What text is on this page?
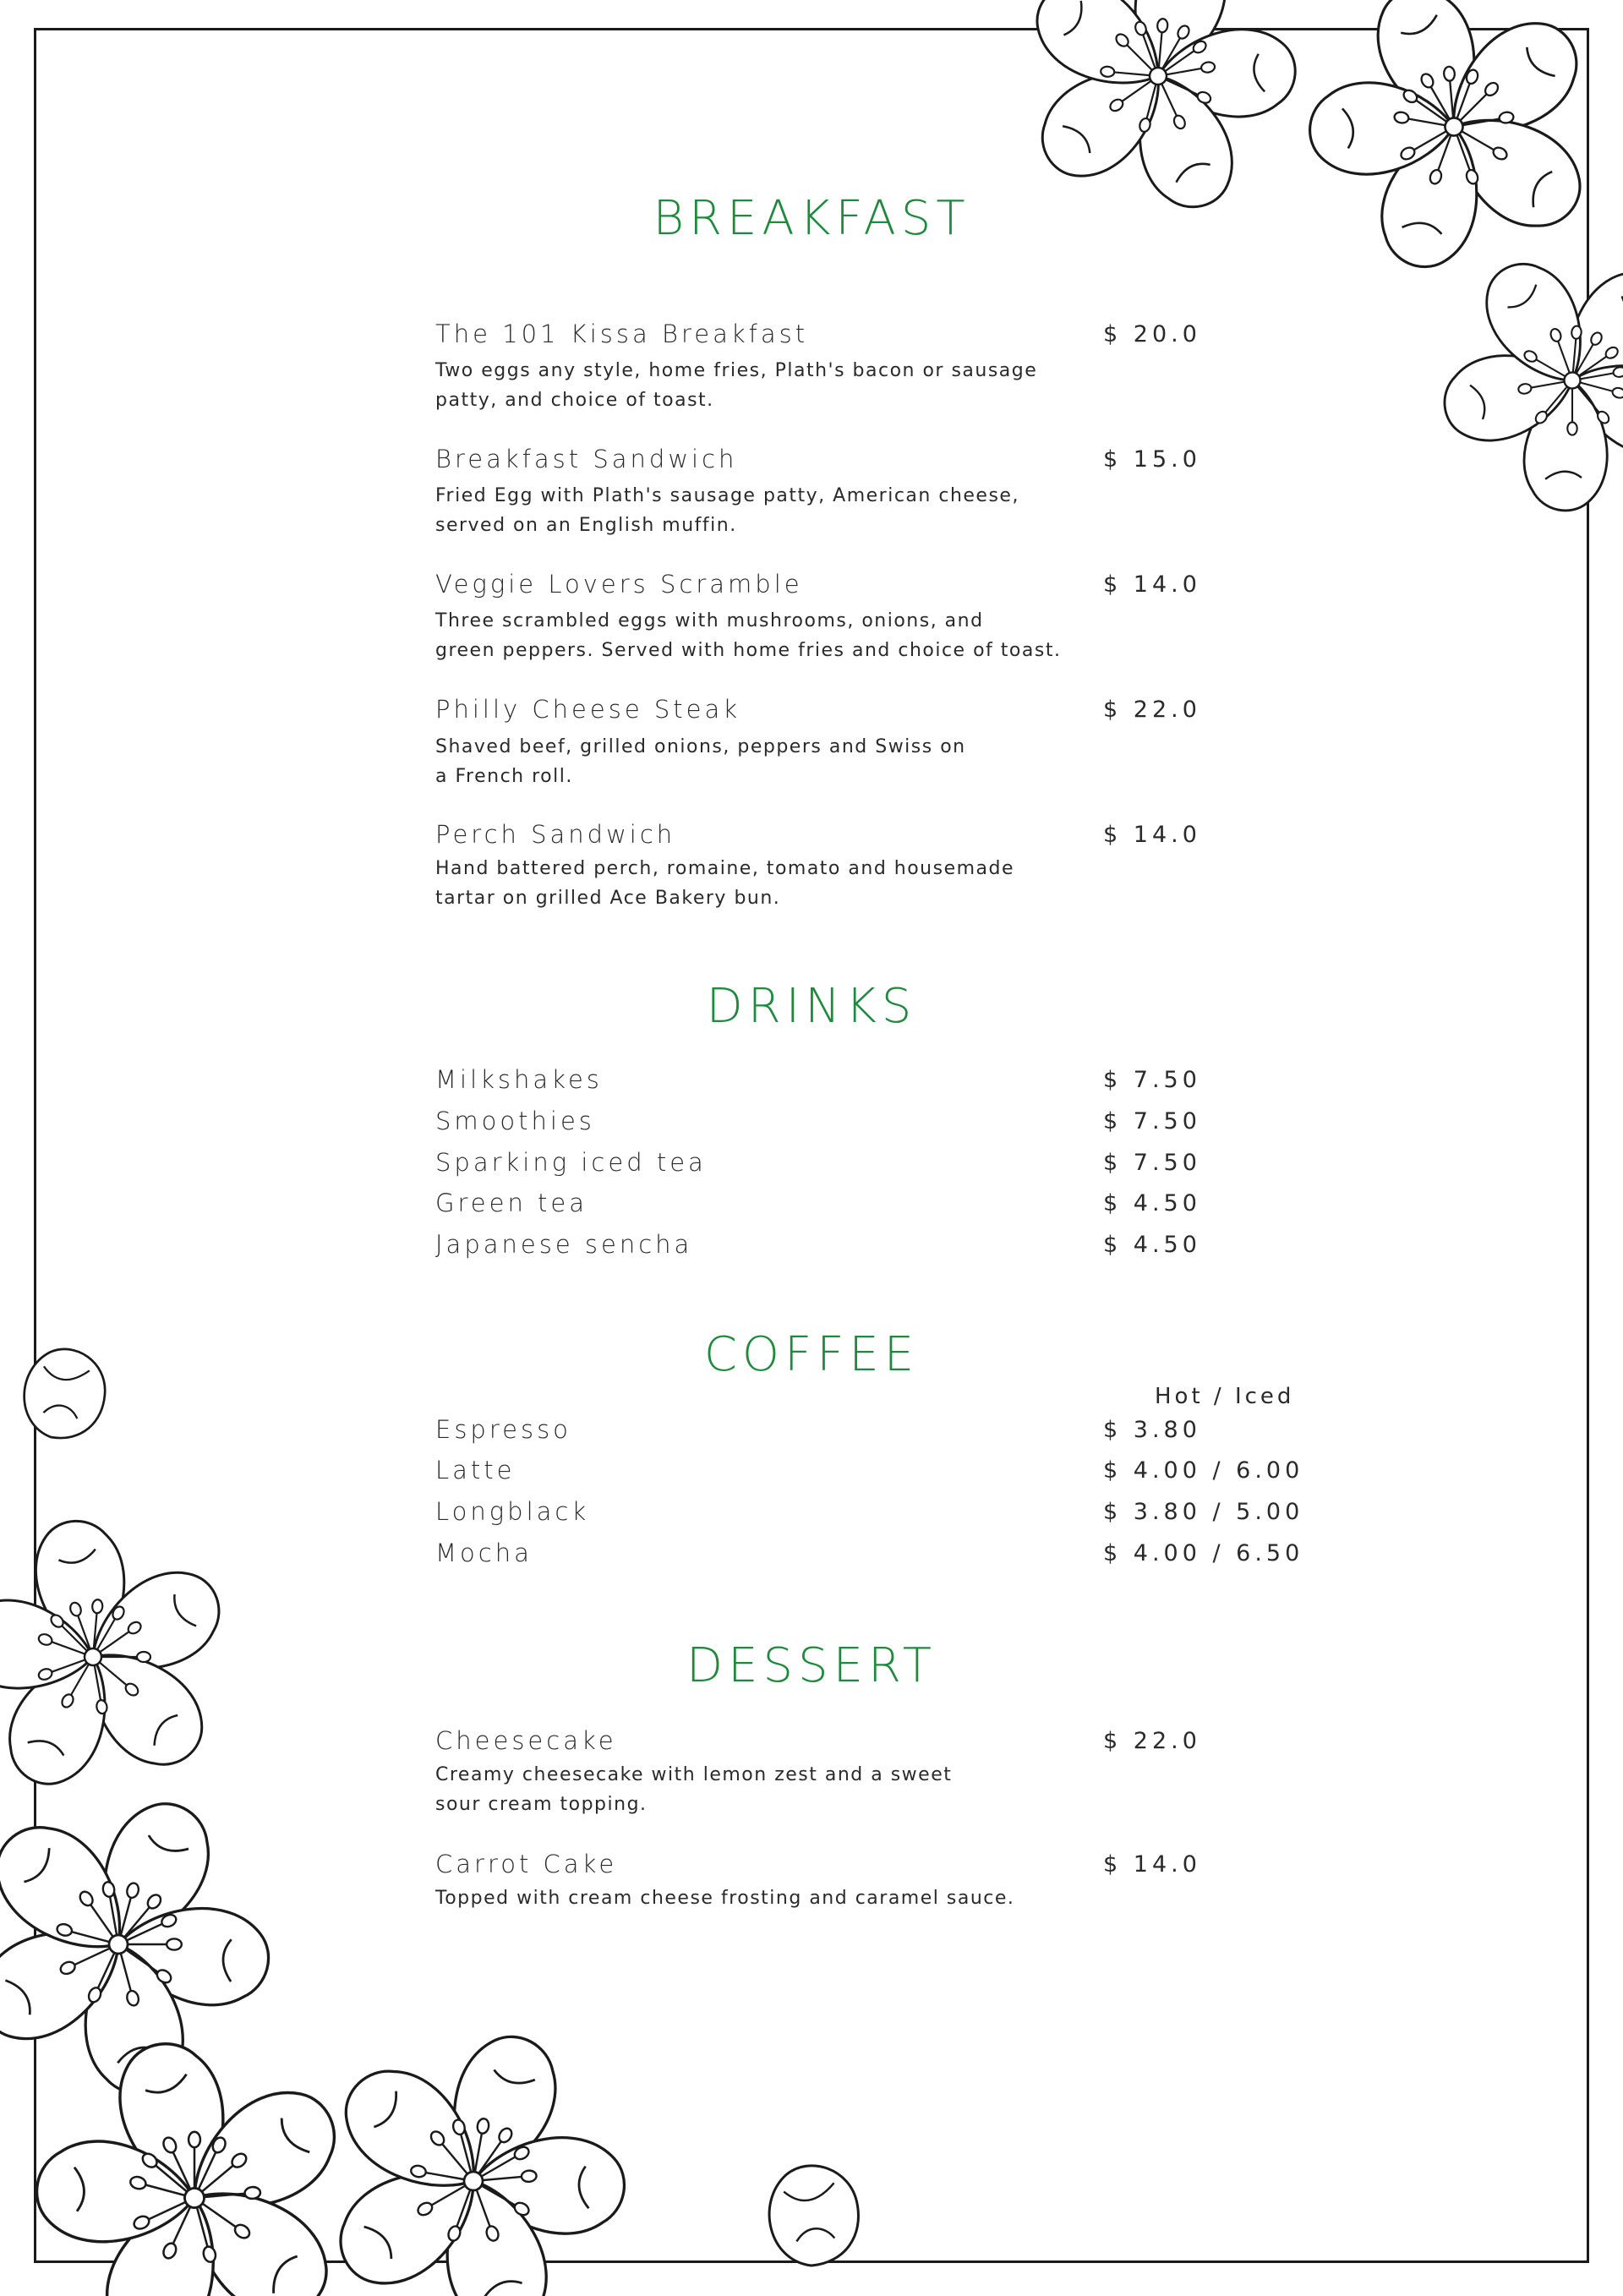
BREAKFAST
The 101 Kissa Breakfast	$ 20.0
Two eggs any style, home fries, Plath's bacon or sausage
patty, and choice of toast.
Breakfast Sandwich	$ 15.0
Fried Egg with Plath's sausage patty, American cheese,
served on an English muffin.
Veggie Lovers Scramble	$ 14.0
Three scrambled eggs with mushrooms, onions, and
green peppers. Served with home fries and choice of toast.
Philly Cheese Steak	$ 22.0
Shaved beef, grilled onions, peppers and Swiss on
a French roll.
Perch Sandwich	$ 14.0
Hand battered perch, romaine, tomato and housemade
tartar on grilled Ace Bakery bun.
DRINKS
Milkshakes	$ 7.50
Smoothies	$ 7.50
Sparking iced tea	$ 7.50
Green tea	$ 4.50
Japanese sencha	$ 4.50
COFFEE
Hot / Iced
Espresso	$ 3.80
Latte	$ 4.00 / 6.00
Longblack	$ 3.80 / 5.00
Mocha	$ 4.00 / 6.50
DESSERT
Cheesecake	$ 22.0
Creamy cheesecake with lemon zest and a sweet
sour cream topping.
Carrot Cake	$ 14.0
Topped with cream cheese frosting and caramel sauce.
